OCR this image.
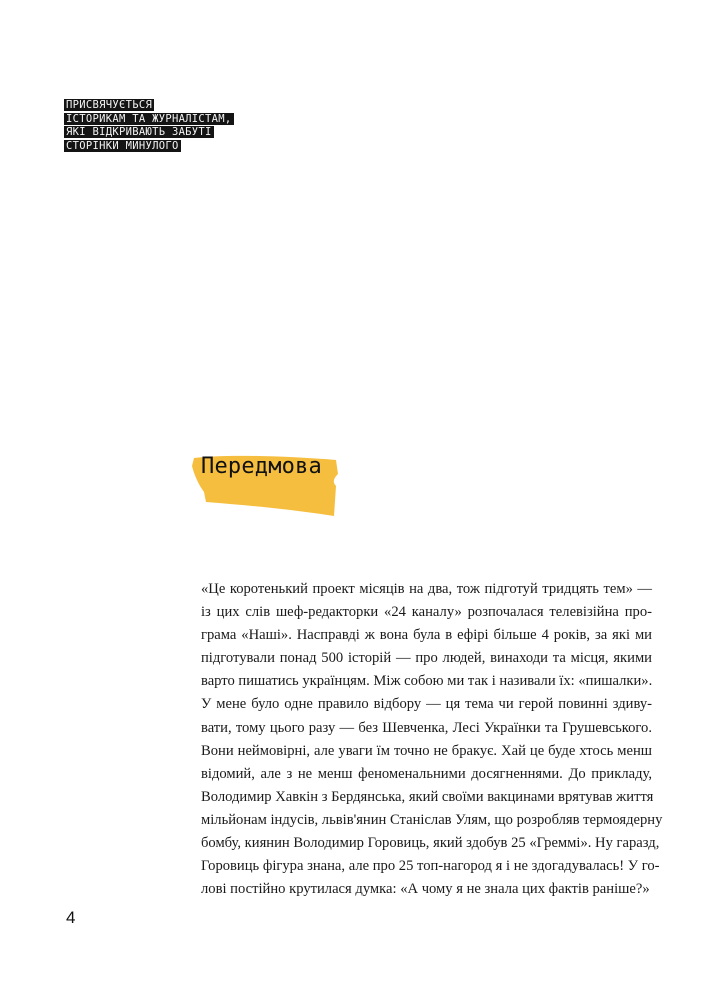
ПРИСВЯЧУЄТЬСЯ
ІСТОРИКАМ ТА ЖУРНАЛІСТАМ,
ЯКІ ВІДКРИВАЮТЬ ЗАБУТІ
СТОРІНКИ МИНУЛОГО
Передмова
«Це коротенький проект місяців на два, тож підготуй тридцять тем» —
із цих слів шеф-редакторки «24 каналу» розпочалася телевізійна про-
грама «Наші». Насправді ж вона була в ефірі більше 4 років, за які ми
підготували понад 500 історій — про людей, винаходи та місця, якими
варто пишатись українцям. Між собою ми так і називали їх: «пишалки».
У мене було одне правило відбору — ця тема чи герой повинні здиву-
вати, тому цього разу — без Шевченка, Лесі Українки та Грушевського.
Вони неймовірні, але уваги їм точно не бракує. Хай це буде хтось менш
відомий, але з не менш феноменальними досягненнями. До прикладу,
Володимир Хавкін з Бердянська, який своїми вакцинами врятував життя
мільйонам індусів, львів'янин Станіслав Улям, що розробляв термоядерну
бомбу, киянин Володимир Горовиць, який здобув 25 «Греммі». Ну гаразд,
Горовиць фігура знана, але про 25 топ-нагород я і не здогадувалась! У го-
лові постійно крутилася думка: «А чому я не знала цих фактів раніше?»
4
